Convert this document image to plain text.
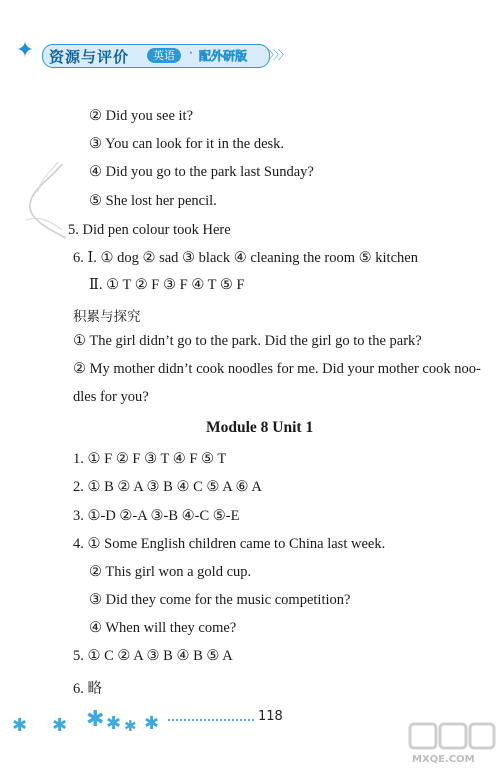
✦ 资源与评价	英语	· 配外研版 〉〉〉
② Did you see it?
③ You can look for it in the desk.
④ Did you go to the park last Sunday?
⑤ She lost her pencil.
5. Did pen colour took Here
6. Ⅰ. ① dog ② sad ③ black ④ cleaning the room ⑤ kitchen
Ⅱ. ① T ② F ③ F ④ T ⑤ F
积累与探究
① The girl didn’t go to the park. Did the girl go to the park?
② My mother didn’t cook noodles for me. Did your mother cook noo-
dles for you?
Module 8 Unit 1
1. ① F ② F ③ T ④ F ⑤ T
2. ① B ② A ③ B ④ C ⑤ A ⑥ A
3. ①-D ②-A ③-B ④-C ⑤-E
4. ① Some English children came to China last week.
② This girl won a gold cup.
③ Did they come for the music competition?
④ When will they come?
5. ① C ② A ③ B ④ B ⑤ A
6. 略
✱ ✱ ✱ ✱ ✱ ✱	118
MXQE.COM
